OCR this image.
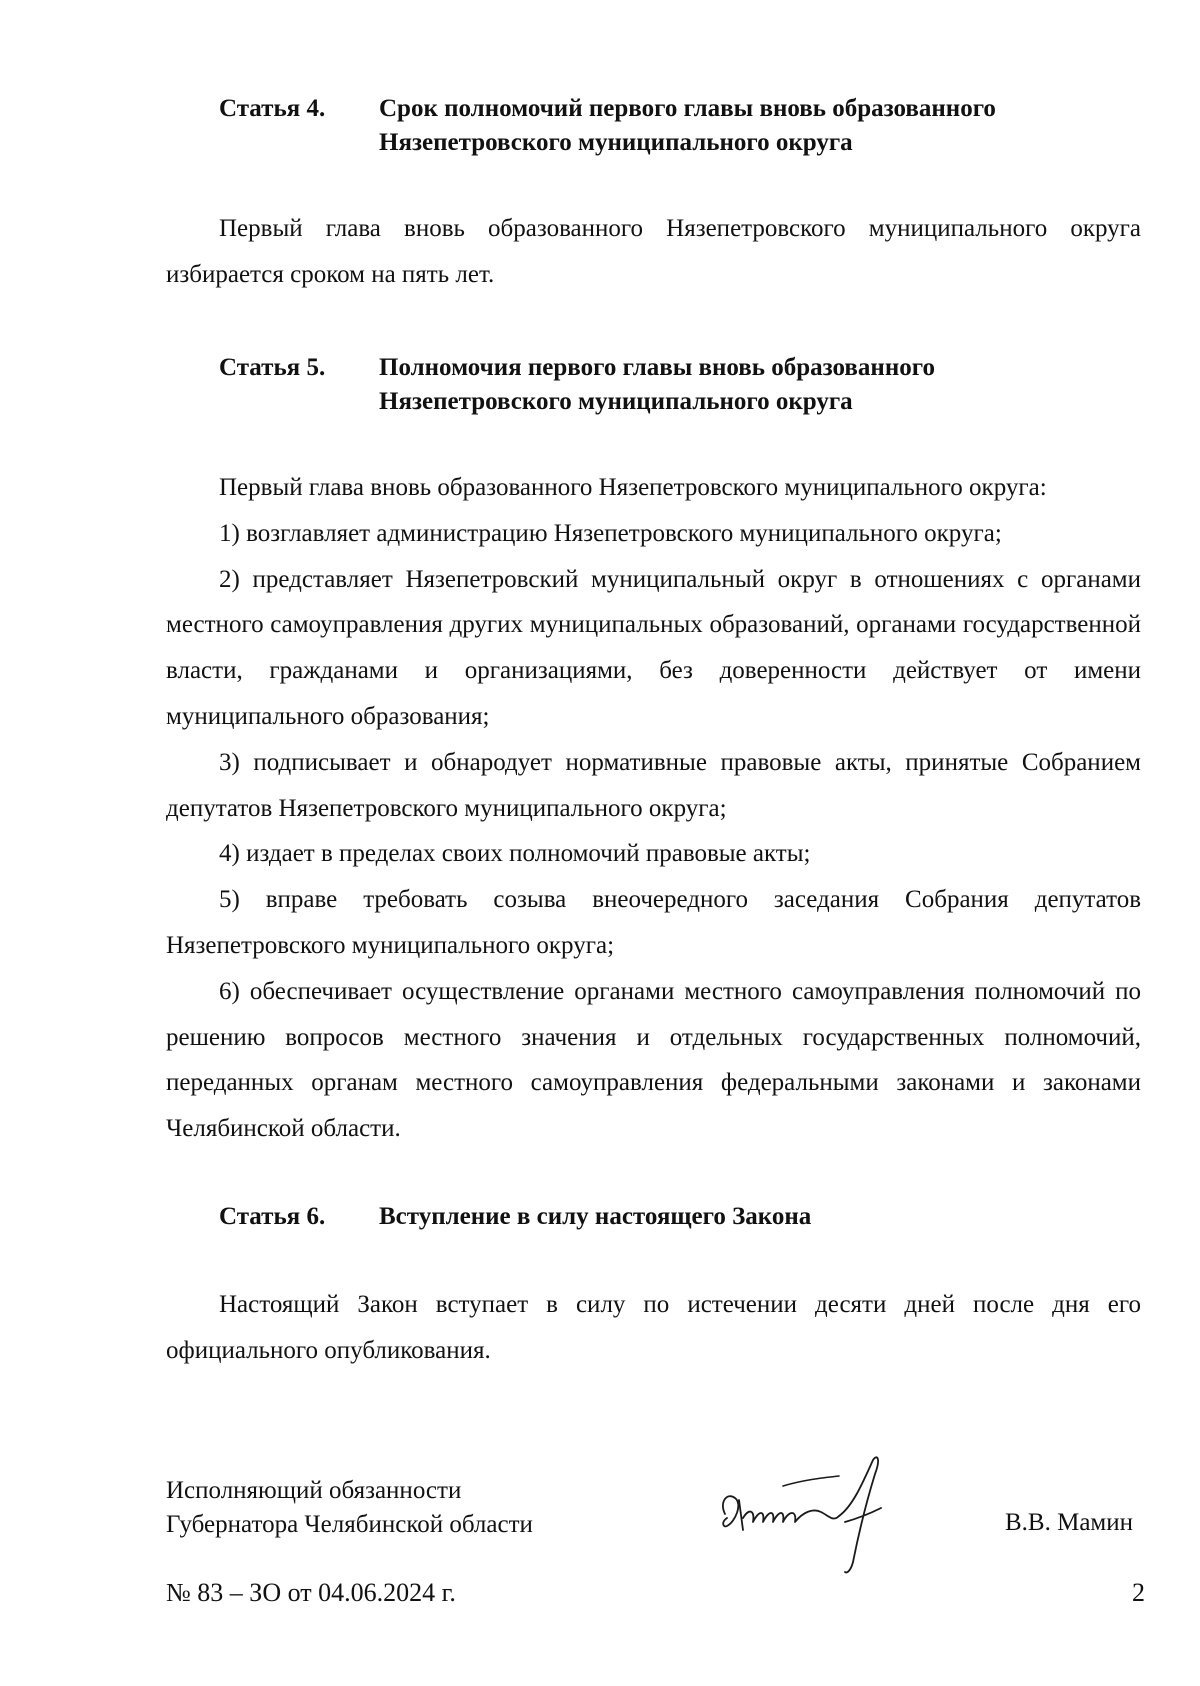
Статья 4. Срок полномочий первого главы вновь образованного
Нязепетровского муниципального округа

Первый глава вновь образованного Нязепетровского муниципального округа избирается сроком на пять лет.

Статья 5. Полномочия первого главы вновь образованного
Нязепетровского муниципального округа

Первый глава вновь образованного Нязепетровского муниципального округа:

1) возглавляет администрацию Нязепетровского муниципального округа;

2) представляет Нязепетровский муниципальный округ в отношениях с органами местного самоуправления других муниципальных образований, органами государственной власти, гражданами и организациями, без доверенности действует от имени муниципального образования;

3) подписывает и обнародует нормативные правовые акты, принятые Собранием депутатов Нязепетровского муниципального округа;

4) издает в пределах своих полномочий правовые акты;

5) вправе требовать созыва внеочередного заседания Собрания депутатов Нязепетровского муниципального округа;

6) обеспечивает осуществление органами местного самоуправления полномочий по решению вопросов местного значения и отдельных государственных полномочий, переданных органам местного самоуправления федеральными законами и законами Челябинской области.

Статья 6. Вступление в силу настоящего Закона

Настоящий Закон вступает в силу по истечении десяти дней после дня его официального опубликования.

Исполняющий обязанности
Губернатора Челябинской области	В.В. Мамин
№ 83 – ЗО от 04.06.2024 г.	2
